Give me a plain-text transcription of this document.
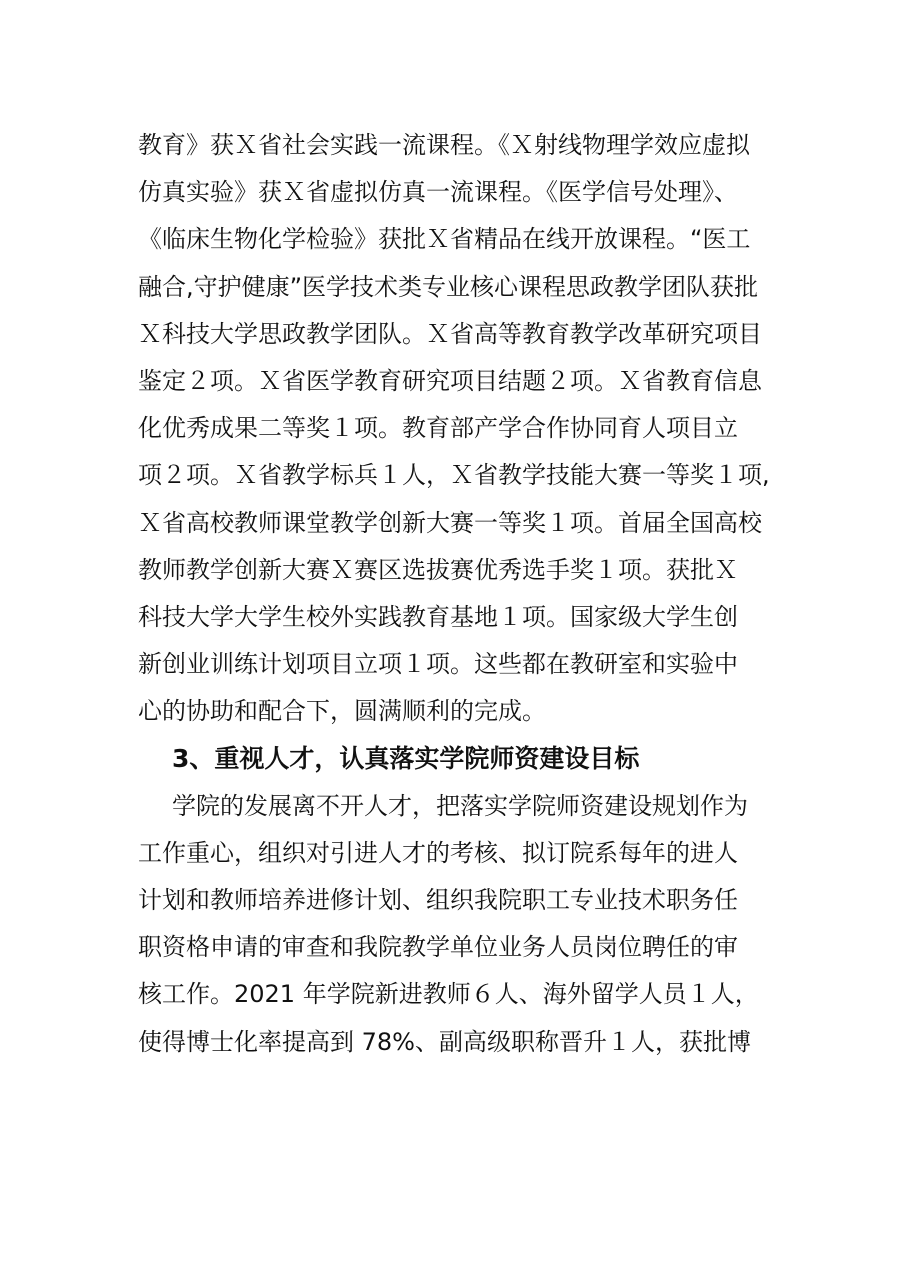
教育》获Ｘ省社会实践一流课程。《Ｘ射线物理学效应虚拟
仿真实验》获Ｘ省虚拟仿真一流课程。《医学信号处理》、
《临床生物化学检验》获批Ｘ省精品在线开放课程。“医工
融合,守护健康”医学技术类专业核心课程思政教学团队获批
Ｘ科技大学思政教学团队。Ｘ省高等教育教学改革研究项目
鉴定２项。Ｘ省医学教育研究项目结题２项。Ｘ省教育信息
化优秀成果二等奖１项。教育部产学合作协同育人项目立
项２项。Ｘ省教学标兵１人，Ｘ省教学技能大赛一等奖１项,
Ｘ省高校教师课堂教学创新大赛一等奖１项。首届全国高校
教师教学创新大赛Ｘ赛区选拔赛优秀选手奖１项。获批Ｘ
科技大学大学生校外实践教育基地１项。国家级大学生创
新创业训练计划项目立项１项。这些都在教研室和实验中
心的协助和配合下，圆满顺利的完成。
3、重视人才，认真落实学院师资建设目标
学院的发展离不开人才，把落实学院师资建设规划作为
工作重心，组织对引进人才的考核、拟订院系每年的进人
计划和教师培养进修计划、组织我院职工专业技术职务任
职资格申请的审查和我院教学单位业务人员岗位聘任的审
核工作。2021 年学院新进教师６人、海外留学人员１人，
使得博士化率提高到 78%、副高级职称晋升１人，获批博
